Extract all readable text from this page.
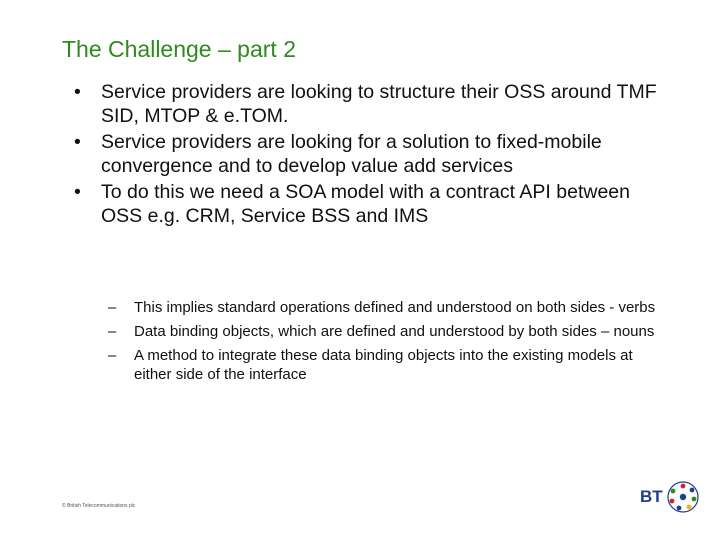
The Challenge – part 2
• Service providers are looking to structure their OSS around TMF SID, MTOP & e.TOM.
• Service providers are looking for a solution to fixed-mobile convergence and to develop value add services
• To do this we need a SOA model with a contract API between OSS e.g. CRM, Service BSS and IMS
– This implies standard operations defined and understood on both sides - verbs
– Data binding objects, which are defined and understood by both sides – nouns
– A method to integrate these data binding objects into the existing models at either side of the interface
© British Telecommunications plc	BT
